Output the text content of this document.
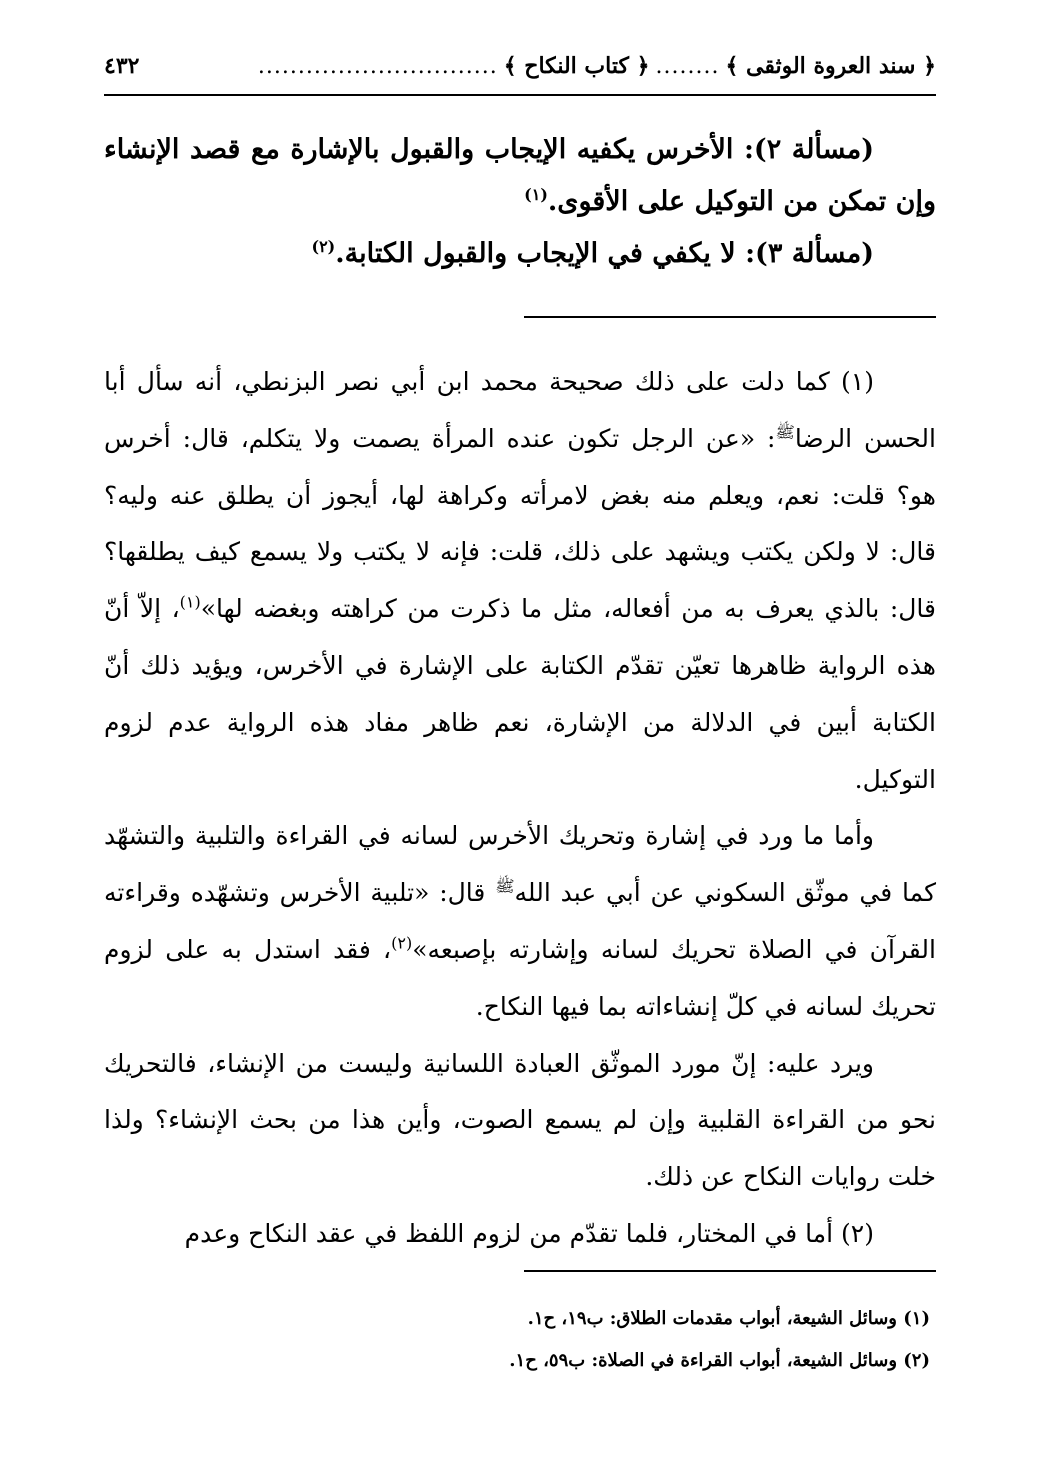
﴿ سند العروة الوثقى ﴾
........
﴿ كتاب النكاح ﴾
..............................
٤٣٢

(مسألة ٢): الأخرس يكفيه الإيجاب والقبول بالإشارة مع قصد الإنشاء وإن تمكن من التوكيل على الأقوى.$^{(١)}$

(مسألة ٣): لا يكفي في الإيجاب والقبول الكتابة.$^{(٢)}$

(١) كما دلت على ذلك صحيحة محمد ابن أبي نصر البزنطي، أنه سأل أبا الحسن الرضا$^ﷺ$: «عن الرجل تكون عنده المرأة يصمت ولا يتكلم، قال: أخرس هو؟ قلت: نعم، ويعلم منه بغض لامرأته وكراهة لها، أيجوز أن يطلق عنه وليه؟ قال: لا ولكن يكتب ويشهد على ذلك، قلت: فإنه لا يكتب ولا يسمع كيف يطلقها؟ قال: بالذي يعرف به من أفعاله، مثل ما ذكرت من كراهته وبغضه لها»$^{(١)}$، إلاّ أنّ هذه الرواية ظاهرها تعيّن تقدّم الكتابة على الإشارة في الأخرس، ويؤيد ذلك أنّ الكتابة أبين في الدلالة من الإشارة، نعم ظاهر مفاد هذه الرواية عدم لزوم التوكيل.

وأما ما ورد في إشارة وتحريك الأخرس لسانه في القراءة والتلبية والتشهّد كما في موثّق السكوني عن أبي عبد الله$^ﷺ$ قال: «تلبية الأخرس وتشهّده وقراءته القرآن في الصلاة تحريك لسانه وإشارته بإصبعه»$^{(٢)}$، فقد استدل به على لزوم تحريك لسانه في كلّ إنشاءاته بما فيها النكاح.

ويرد عليه: إنّ مورد الموثّق العبادة اللسانية وليست من الإنشاء، فالتحريك نحو من القراءة القلبية وإن لم يسمع الصوت، وأين هذا من بحث الإنشاء؟ ولذا خلت روايات النكاح عن ذلك.

(٢) أما في المختار، فلما تقدّم من لزوم اللفظ في عقد النكاح وعدم

(١) وسائل الشيعة، أبواب مقدمات الطلاق: ب١٩، ح١.

(٢) وسائل الشيعة، أبواب القراءة في الصلاة: ب٥٩، ح١.
